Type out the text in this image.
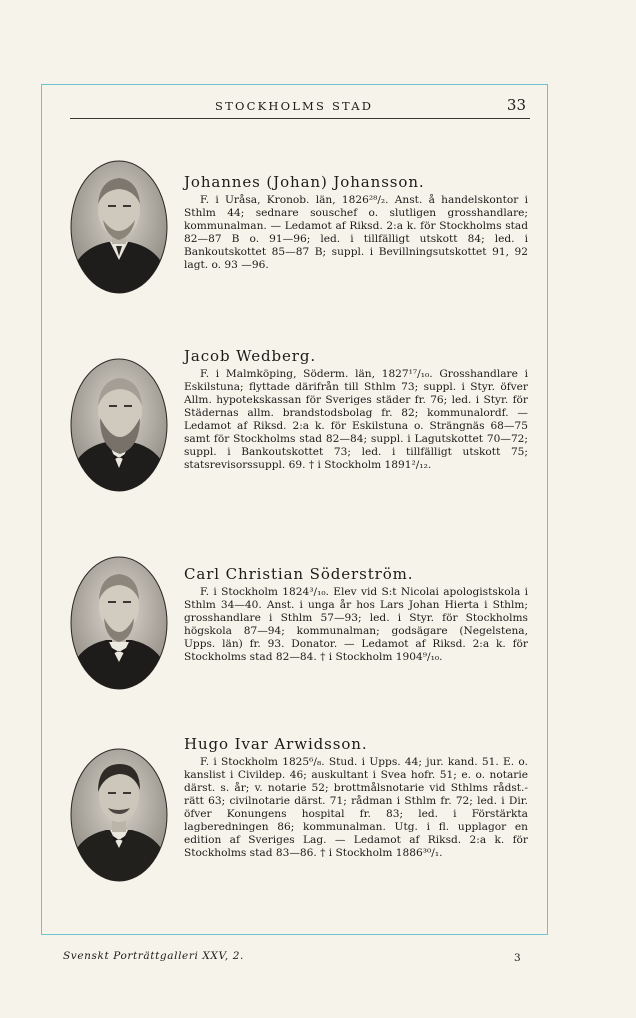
STOCKHOLMS STAD	33
Johannes (Johan) Johansson.

F. i Uråsa, Kronob. län, 1826²⁸/₂. Anst. å handelskontor i Sthlm 44; sednare souschef o. slutligen grosshandlare; kommunalman. — Ledamot af Riksd. 2:a k. för Stockholms stad 82—87 B o. 91—96; led. i tillfälligt utskott 84; led. i Bankoutskottet 85—87 B; suppl. i Bevillningsutskottet 91, 92 lagt. o. 93 —96.

Jacob Wedberg.

F. i Malmköping, Söderm. län, 1827¹⁷/₁₀. Grosshandlare i Eskilstuna; flyttade därifrån till Sthlm 73; suppl. i Styr. öfver Allm. hypotekskassan för Sveriges städer fr. 76; led. i Styr. för Städernas allm. brandstodsbolag fr. 82; kommunalordf. — Ledamot af Riksd. 2:a k. för Eskilstuna o. Strängnäs 68—75 samt för Stockholms stad 82—84; suppl. i Lagutskottet 70—72; suppl. i Bankoutskottet 73; led. i tillfälligt utskott 75; statsrevisorssuppl. 69. † i Stockholm 1891²/₁₂.

Carl Christian Söderström.

F. i Stockholm 1824³/₁₀. Elev vid S:t Nicolai apologistskola i Sthlm 34—40. Anst. i unga år hos Lars Johan Hierta i Sthlm; grosshandlare i Sthlm 57—93; led. i Styr. för Stockholms högskola 87—94; kommunalman; godsägare (Negelstena, Upps. län) fr. 93. Donator. — Ledamot af Riksd. 2:a k. för Stockholms stad 82—84. † i Stockholm 1904⁹/₁₀.

Hugo Ivar Arwidsson.

F. i Stockholm 1825⁶/₈. Stud. i Upps. 44; jur. kand. 51. E. o. kanslist i Civildep. 46; auskultant i Svea hofr. 51; e. o. notarie därst. s. år; v. notarie 52; brottmålsnotarie vid Sthlms rådst.-rätt 63; civilnotarie därst. 71; rådman i Sthlm fr. 72; led. i Dir. öfver Konungens hospital fr. 83; led. i Förstärkta lagberedningen 86; kommunalman. Utg. i fl. upplagor en edition af Sveriges Lag. — Ledamot af Riksd. 2:a k. för Stockholms stad 83—86. † i Stockholm 1886³⁰/₁.

Svenskt Porträttgalleri XXV, 2.	3
